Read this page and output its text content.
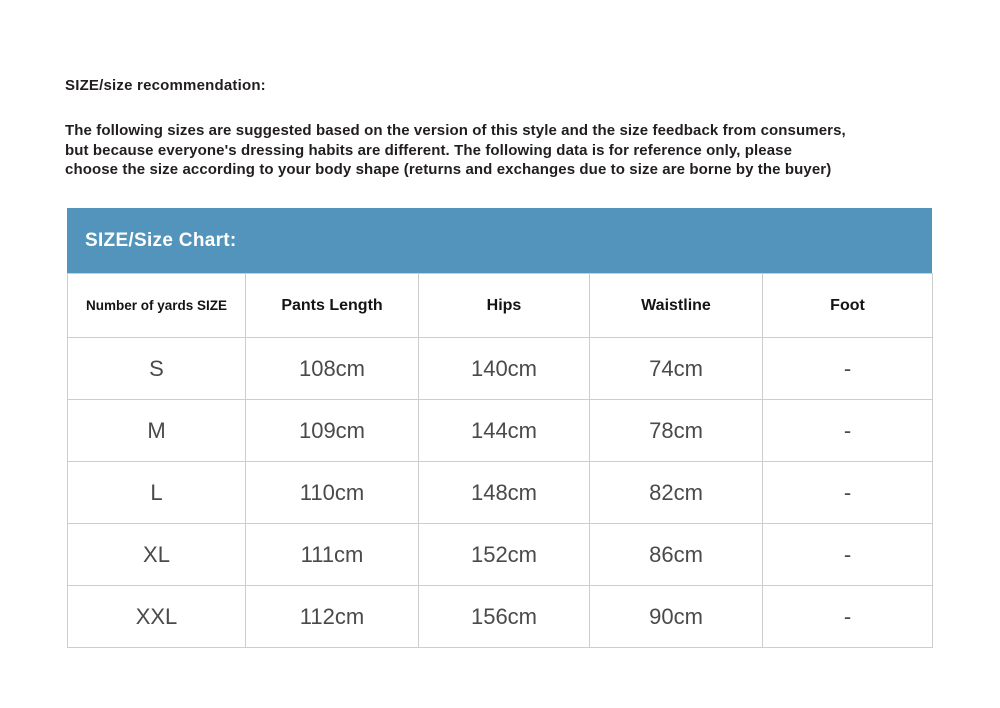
SIZE/size recommendation:
The following sizes are suggested based on the version of this style and the size feedback from consumers,
but because everyone's dressing habits are different. The following data is for reference only, please
choose the size according to your body shape (returns and exchanges due to size are borne by the buyer)
SIZE/Size Chart:
Number of yards SIZE	Pants Length	Hips	Waistline	Foot
S	108cm	140cm	74cm	-
M	109cm	144cm	78cm	-
L	110cm	148cm	82cm	-
XL	111cm	152cm	86cm	-
XXL	112cm	156cm	90cm	-
